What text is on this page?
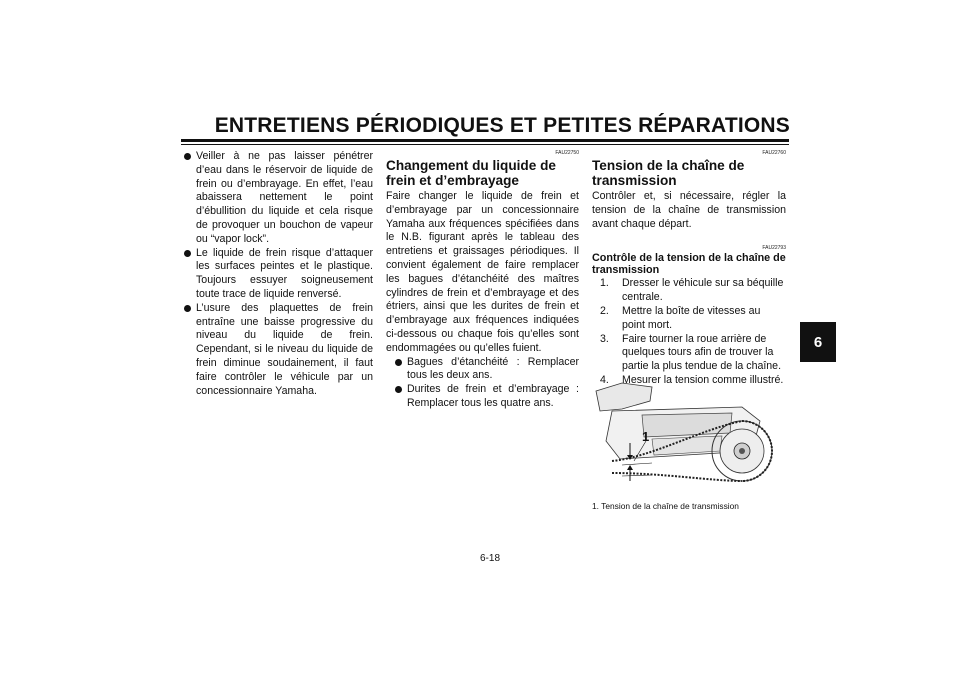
ENTRETIENS PÉRIODIQUES ET PETITES RÉPARATIONS
6
Veiller à ne pas laisser pénétrer d’eau dans le réservoir de liquide de frein ou d’embrayage. En effet, l’eau abaissera nettement le point d’ébullition du liquide et cela risque de provoquer un bouchon de vapeur ou “vapor lock”.
Le liquide de frein risque d’attaquer les surfaces peintes et le plastique. Toujours essuyer soigneusement toute trace de liquide renversé.
L’usure des plaquettes de frein entraîne une baisse progressive du niveau du liquide de frein. Cependant, si le niveau du liquide de frein diminue soudainement, il faut faire contrôler le véhicule par un concessionnaire Yamaha.
FAU22750
Changement du liquide de frein et d’embrayage

Faire changer le liquide de frein et d’embrayage par un concessionnaire Yamaha aux fréquences spécifiées dans le N.B. figurant après le tableau des entretiens et graissages périodiques. Il convient également de faire remplacer les bagues d’étanchéité des maîtres cylindres de frein et d’embrayage et des étriers, ainsi que les durites de frein et d’embrayage aux fréquences indiquées ci-dessous ou chaque fois qu’elles sont endommagées ou qu’elles fuient.

Bagues d’étanchéité : Remplacer tous les deux ans.
Durites de frein et d’embrayage : Remplacer tous les quatre ans.
FAU22760
Tension de la chaîne de transmission

Contrôler et, si nécessaire, régler la tension de la chaîne de transmission avant chaque départ.

FAU22793
Contrôle de la tension de la chaîne de transmission
1. Dresser le véhicule sur sa béquille centrale.
2. Mettre la boîte de vitesses au point mort.
3. Faire tourner la roue arrière de quelques tours afin de trouver la partie la plus tendue de la chaîne.
4. Mesurer la tension comme illustré.
1
1. Tension de la chaîne de transmission
6-18
